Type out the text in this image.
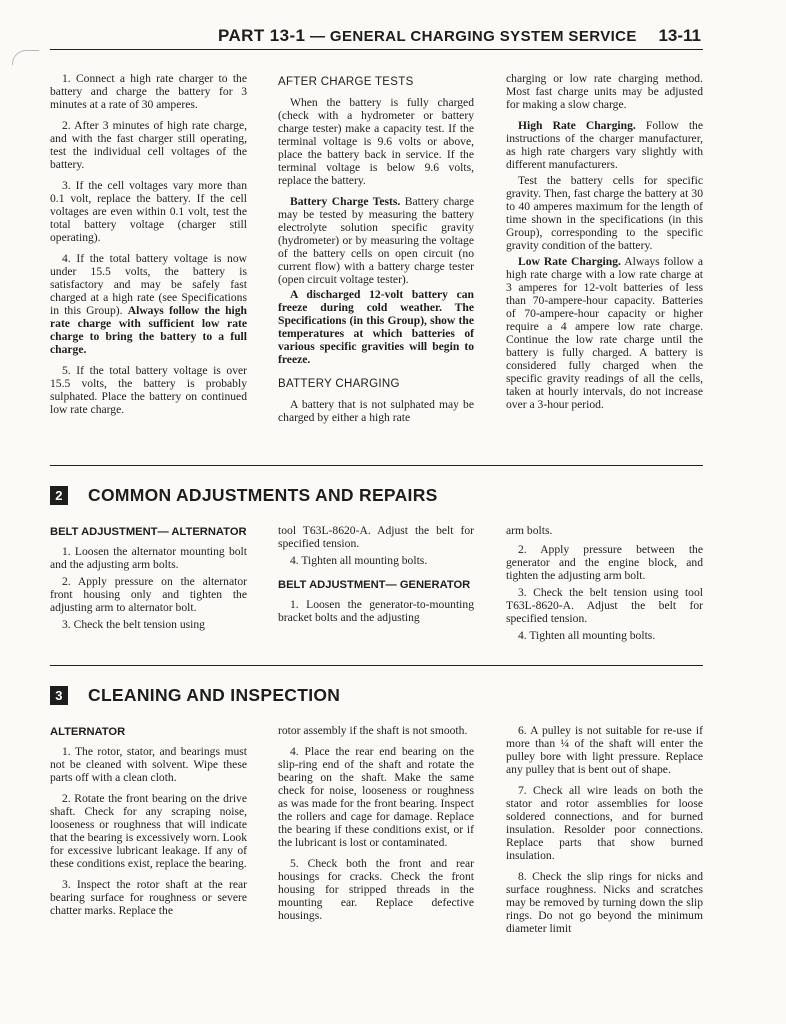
PART 13-1 — GENERAL CHARGING SYSTEM SERVICE 13-11

1. Connect a high rate charger to the battery and charge the battery for 3 minutes at a rate of 30 amperes.

2. After 3 minutes of high rate charge, and with the fast charger still operating, test the individual cell voltages of the battery.

3. If the cell voltages vary more than 0.1 volt, replace the battery. If the cell voltages are even within 0.1 volt, test the total battery voltage (charger still operating).

4. If the total battery voltage is now under 15.5 volts, the battery is satisfactory and may be safely fast charged at a high rate (see Specifications in this Group). Always follow the high rate charge with sufficient low rate charge to bring the battery to a full charge.

5. If the total battery voltage is over 15.5 volts, the battery is probably sulphated. Place the battery on continued low rate charge.

AFTER CHARGE TESTS

When the battery is fully charged (check with a hydrometer or battery charge tester) make a capacity test. If the terminal voltage is 9.6 volts or above, place the battery back in service. If the terminal voltage is below 9.6 volts, replace the battery.

Battery Charge Tests. Battery charge may be tested by measuring the battery electrolyte solution specific gravity (hydrometer) or by measuring the voltage of the battery cells on open circuit (no current flow) with a battery charge tester (open circuit voltage tester).

A discharged 12-volt battery can freeze during cold weather. The Specifications (in this Group), show the temperatures at which batteries of various specific gravities will begin to freeze.

BATTERY CHARGING

A battery that is not sulphated may be charged by either a high rate

charging or low rate charging method. Most fast charge units may be adjusted for making a slow charge.

High Rate Charging. Follow the instructions of the charger manufacturer, as high rate chargers vary slightly with different manufacturers.

Test the battery cells for specific gravity. Then, fast charge the battery at 30 to 40 amperes maximum for the length of time shown in the specifications (in this Group), corresponding to the specific gravity condition of the battery.

Low Rate Charging. Always follow a high rate charge with a low rate charge at 3 amperes for 12-volt batteries of less than 70-ampere-hour capacity. Batteries of 70-ampere-hour capacity or higher require a 4 ampere low rate charge. Continue the low rate charge until the battery is fully charged. A battery is considered fully charged when the specific gravity readings of all the cells, taken at hourly intervals, do not increase over a 3-hour period.

2 COMMON ADJUSTMENTS AND REPAIRS
BELT ADJUSTMENT— ALTERNATOR

1. Loosen the alternator mounting bolt and the adjusting arm bolts.

2. Apply pressure on the alternator front housing only and tighten the adjusting arm to alternator bolt.

3. Check the belt tension using

tool T63L-8620-A. Adjust the belt for specified tension.

4. Tighten all mounting bolts.

BELT ADJUSTMENT— GENERATOR

1. Loosen the generator-to-mounting bracket bolts and the adjusting

arm bolts.

2. Apply pressure between the generator and the engine block, and tighten the adjusting arm bolt.

3. Check the belt tension using tool T63L-8620-A. Adjust the belt for specified tension.

4. Tighten all mounting bolts.

3 CLEANING AND INSPECTION
ALTERNATOR

1. The rotor, stator, and bearings must not be cleaned with solvent. Wipe these parts off with a clean cloth.

2. Rotate the front bearing on the drive shaft. Check for any scraping noise, looseness or roughness that will indicate that the bearing is excessively worn. Look for excessive lubricant leakage. If any of these conditions exist, replace the bearing.

3. Inspect the rotor shaft at the rear bearing surface for roughness or severe chatter marks. Replace the

rotor assembly if the shaft is not smooth.

4. Place the rear end bearing on the slip-ring end of the shaft and rotate the bearing on the shaft. Make the same check for noise, looseness or roughness as was made for the front bearing. Inspect the rollers and cage for damage. Replace the bearing if these conditions exist, or if the lubricant is lost or contaminated.

5. Check both the front and rear housings for cracks. Check the front housing for stripped threads in the mounting ear. Replace defective housings.

6. A pulley is not suitable for re-use if more than ¼ of the shaft will enter the pulley bore with light pressure. Replace any pulley that is bent out of shape.

7. Check all wire leads on both the stator and rotor assemblies for loose soldered connections, and for burned insulation. Resolder poor connections. Replace parts that show burned insulation.

8. Check the slip rings for nicks and surface roughness. Nicks and scratches may be removed by turning down the slip rings. Do not go beyond the minimum diameter limit
